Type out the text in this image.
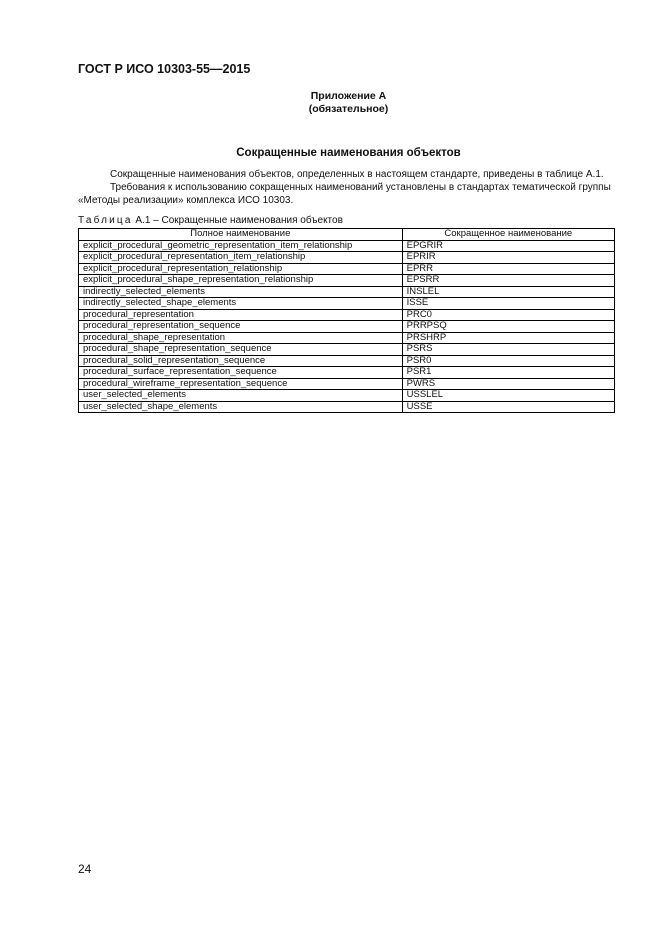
ГОСТ Р ИСО 10303-55—2015
Приложение А
(обязательное)
Сокращенные наименования объектов
Сокращенные наименования объектов, определенных в настоящем стандарте, приведены в таблице А.1.
Требования к использованию сокращенных наименований установлены в стандартах тематической группы «Методы реализации» комплекса ИСО 10303.
Таблица А.1 – Сокращенные наименования объектов
Полное наименование	Сокращенное наименование
explicit_procedural_geometric_representation_item_relationship	EPGRIR
explicit_procedural_representation_item_relationship	EPRIR
explicit_procedural_representation_relationship	EPRR
explicit_procedural_shape_representation_relationship	EPSRR
indirectly_selected_elements	INSLEL
indirectly_selected_shape_elements	ISSE
procedural_representation	PRC0
procedural_representation_sequence	PRRPSQ
procedural_shape_representation	PRSHRP
procedural_shape_representation_sequence	PSRS
procedural_solid_representation_sequence	PSR0
procedural_surface_representation_sequence	PSR1
procedural_wireframe_representation_sequence	PWRS
user_selected_elements	USSLEL
user_selected_shape_elements	USSE
24
